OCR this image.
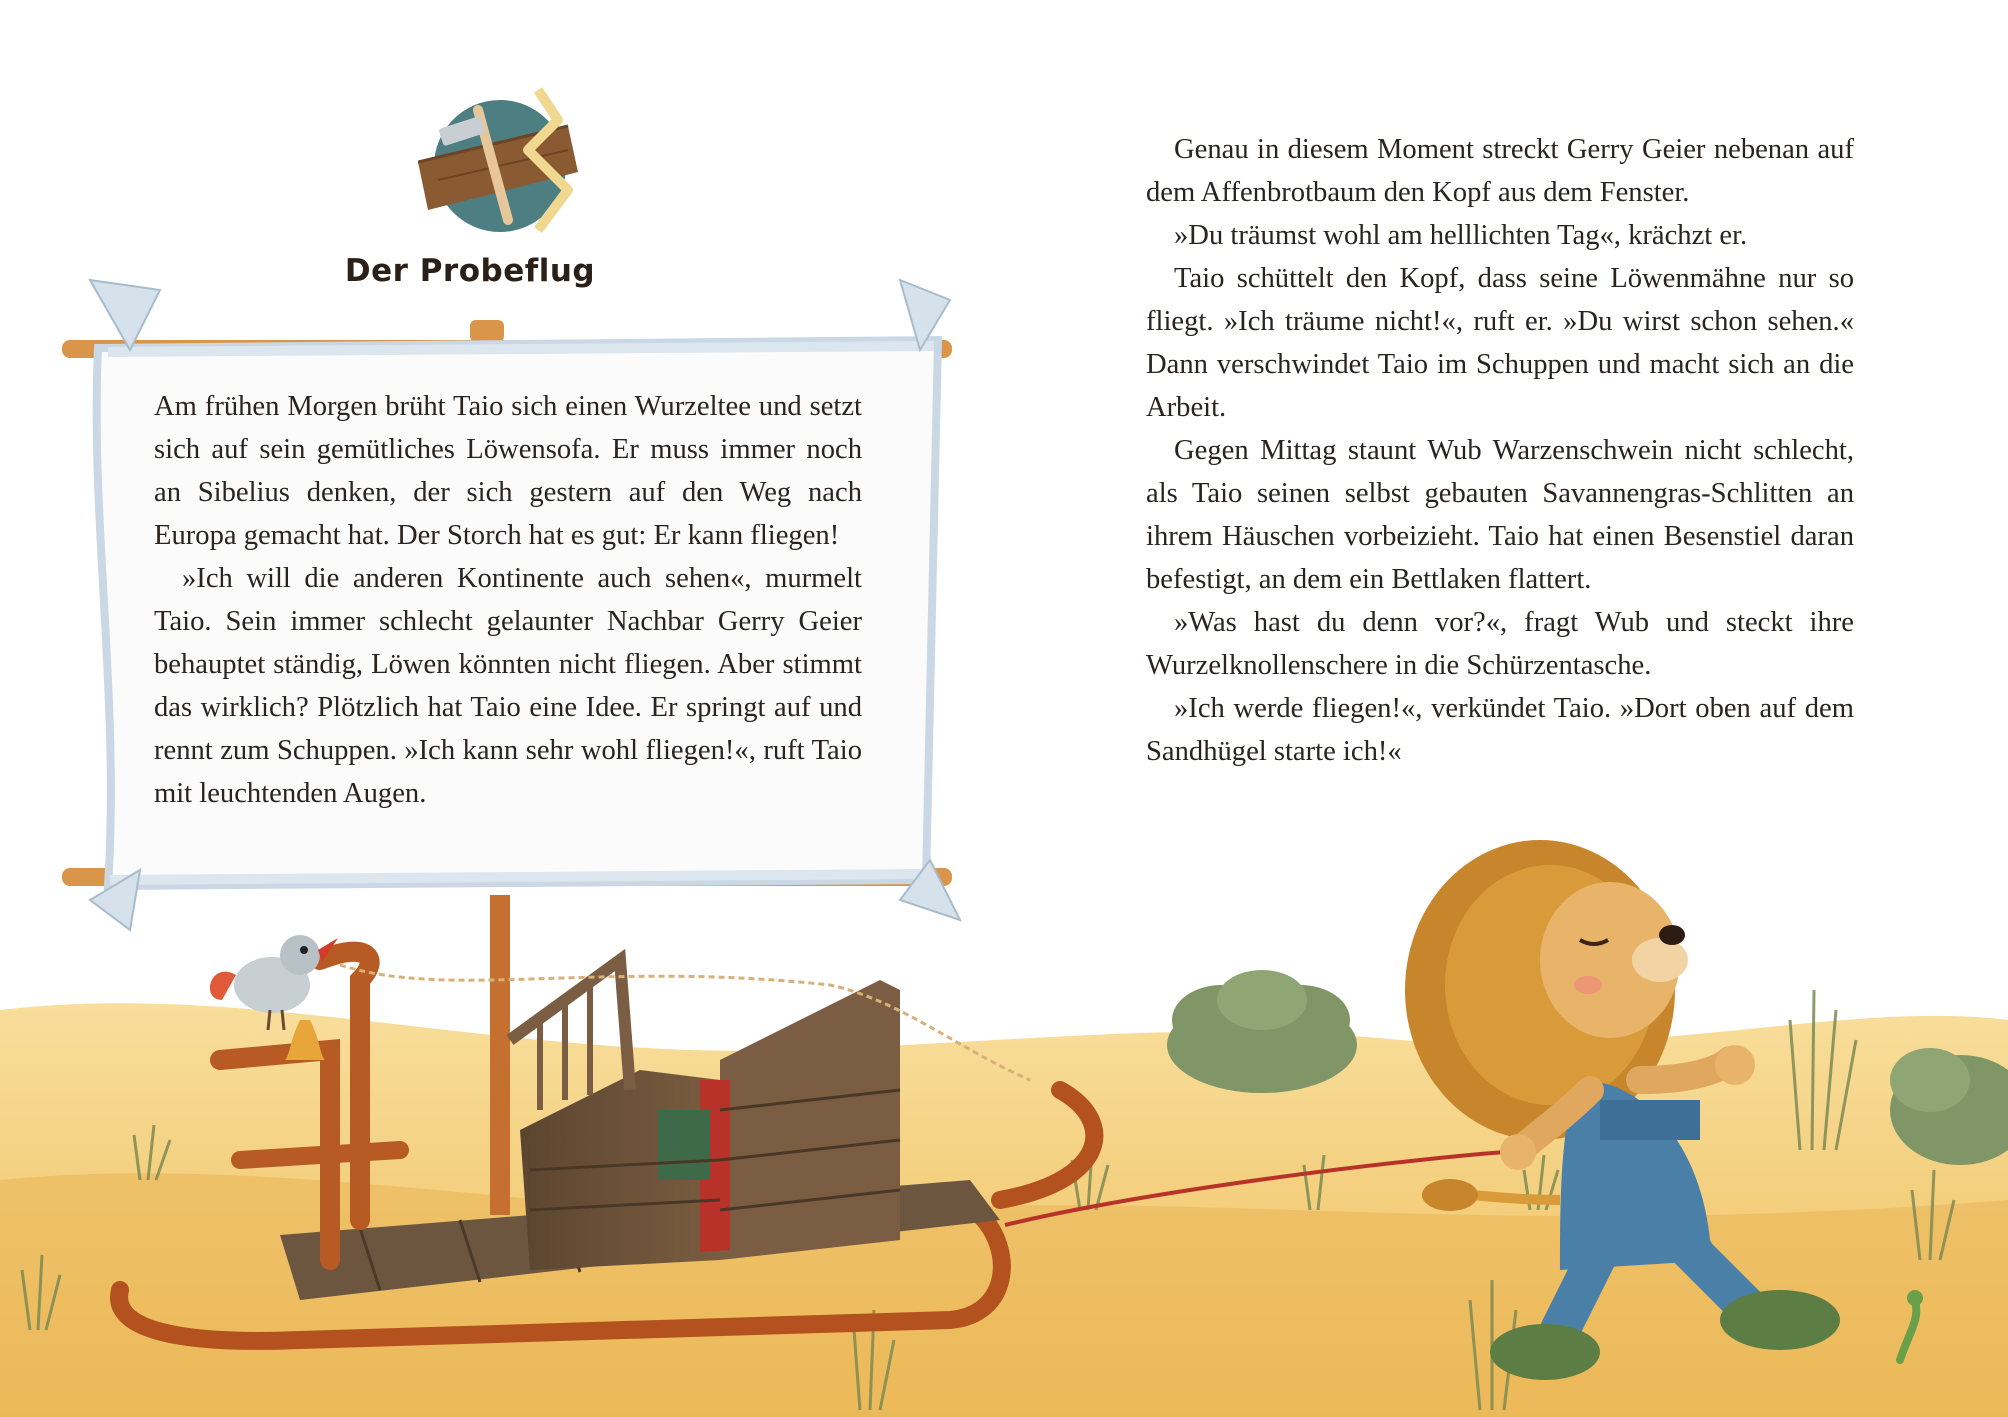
Der Probeflug

Am frühen Morgen brüht Taio sich einen Wurzeltee und setzt sich auf sein gemütliches Löwensofa. Er muss immer noch an Sibelius denken, der sich gestern auf den Weg nach Europa gemacht hat. Der Storch hat es gut: Er kann fliegen!

»Ich will die anderen Kontinente auch sehen«, murmelt Taio. Sein immer schlecht gelaunter Nachbar Gerry Geier behauptet ständig, Löwen könnten nicht fliegen. Aber stimmt das wirklich? Plötzlich hat Taio eine Idee. Er springt auf und rennt zum Schuppen. »Ich kann sehr wohl fliegen!«, ruft Taio mit leuchtenden Augen.

Genau in diesem Moment streckt Gerry Geier nebenan auf dem Affenbrotbaum den Kopf aus dem Fenster.

»Du träumst wohl am helllichten Tag«, krächzt er.

Taio schüttelt den Kopf, dass seine Löwenmähne nur so fliegt. »Ich träume nicht!«, ruft er. »Du wirst schon sehen.« Dann verschwindet Taio im Schuppen und macht sich an die Arbeit.

Gegen Mittag staunt Wub Warzenschwein nicht schlecht, als Taio seinen selbst gebauten Savannengras-Schlitten an ihrem Häuschen vorbeizieht. Taio hat einen Besenstiel daran befestigt, an dem ein Bettlaken flattert.

»Was hast du denn vor?«, fragt Wub und steckt ihre Wurzelknollenschere in die Schürzentasche.

»Ich werde fliegen!«, verkündet Taio. »Dort oben auf dem Sandhügel starte ich!«
